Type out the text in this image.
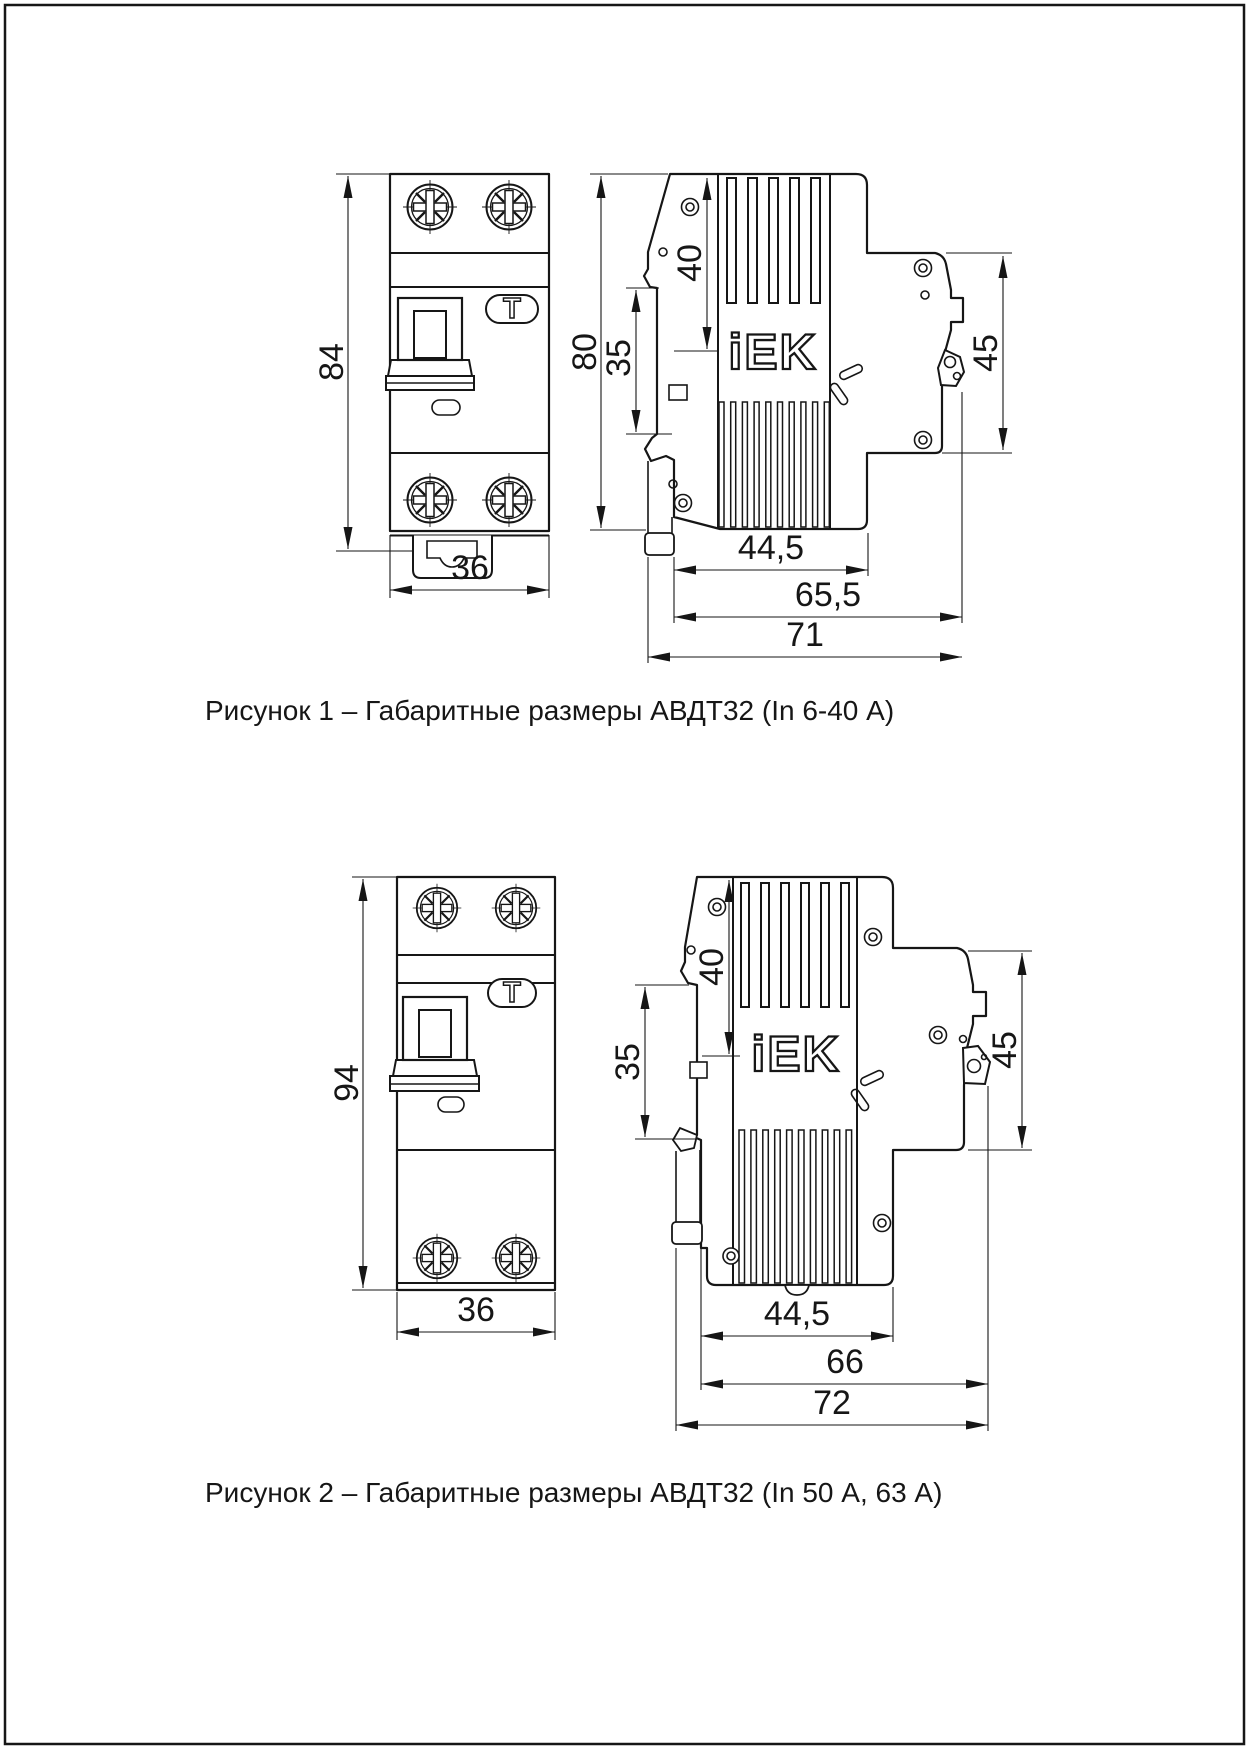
T
84
36
iEK
80
40
35	45
44,5
65,5
71
Рисунок 1 – Габаритные размеры АВДТ32 (In 6-40 А)
T
94
36
iEK
40
35	45
44,5
66
72
Рисунок 2 – Габаритные размеры АВДТ32 (In 50 А, 63 А)
